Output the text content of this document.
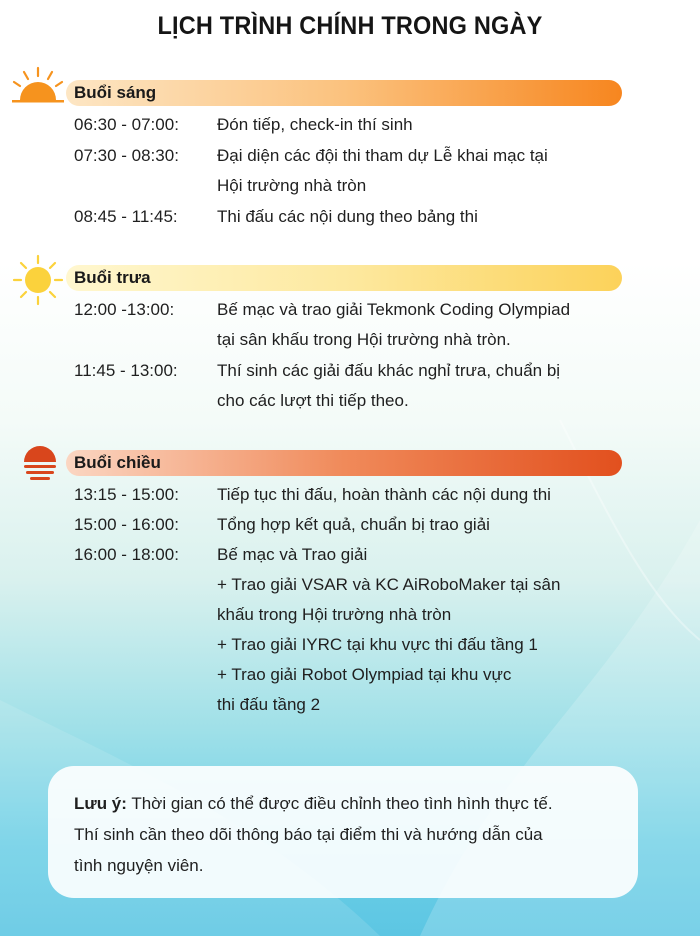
LỊCH TRÌNH CHÍNH TRONG NGÀY
Buổi sáng
06:30 - 07:00: Đón tiếp, check-in thí sinh
07:30 - 08:30: Đại diện các đội thi tham dự Lễ khai mạc tại
Hội trường nhà tròn
08:45 - 11:45: Thi đấu các nội dung theo bảng thi
Buổi trưa
12:00 -13:00:	Bế mạc và trao giải Tekmonk Coding Olympiad
tại sân khấu trong Hội trường nhà tròn.
11:45 - 13:00: Thí sinh các giải đấu khác nghỉ trưa, chuẩn bị
cho các lượt thi tiếp theo.
Buổi chiều
13:15 - 15:00: Tiếp tục thi đấu, hoàn thành các nội dung thi
15:00 - 16:00: Tổng hợp kết quả, chuẩn bị trao giải
16:00 - 18:00: Bế mạc và Trao giải
+ Trao giải VSAR và KC AiRoboMaker tại sân
khấu trong Hội trường nhà tròn
+ Trao giải IYRC tại khu vực thi đấu tầng 1
+ Trao giải Robot Olympiad tại khu vực
thi đấu tầng 2
Lưu ý: Thời gian có thể được điều chỉnh theo tình hình thực tế.
Thí sinh cần theo dõi thông báo tại điểm thi và hướng dẫn của
tình nguyện viên.
